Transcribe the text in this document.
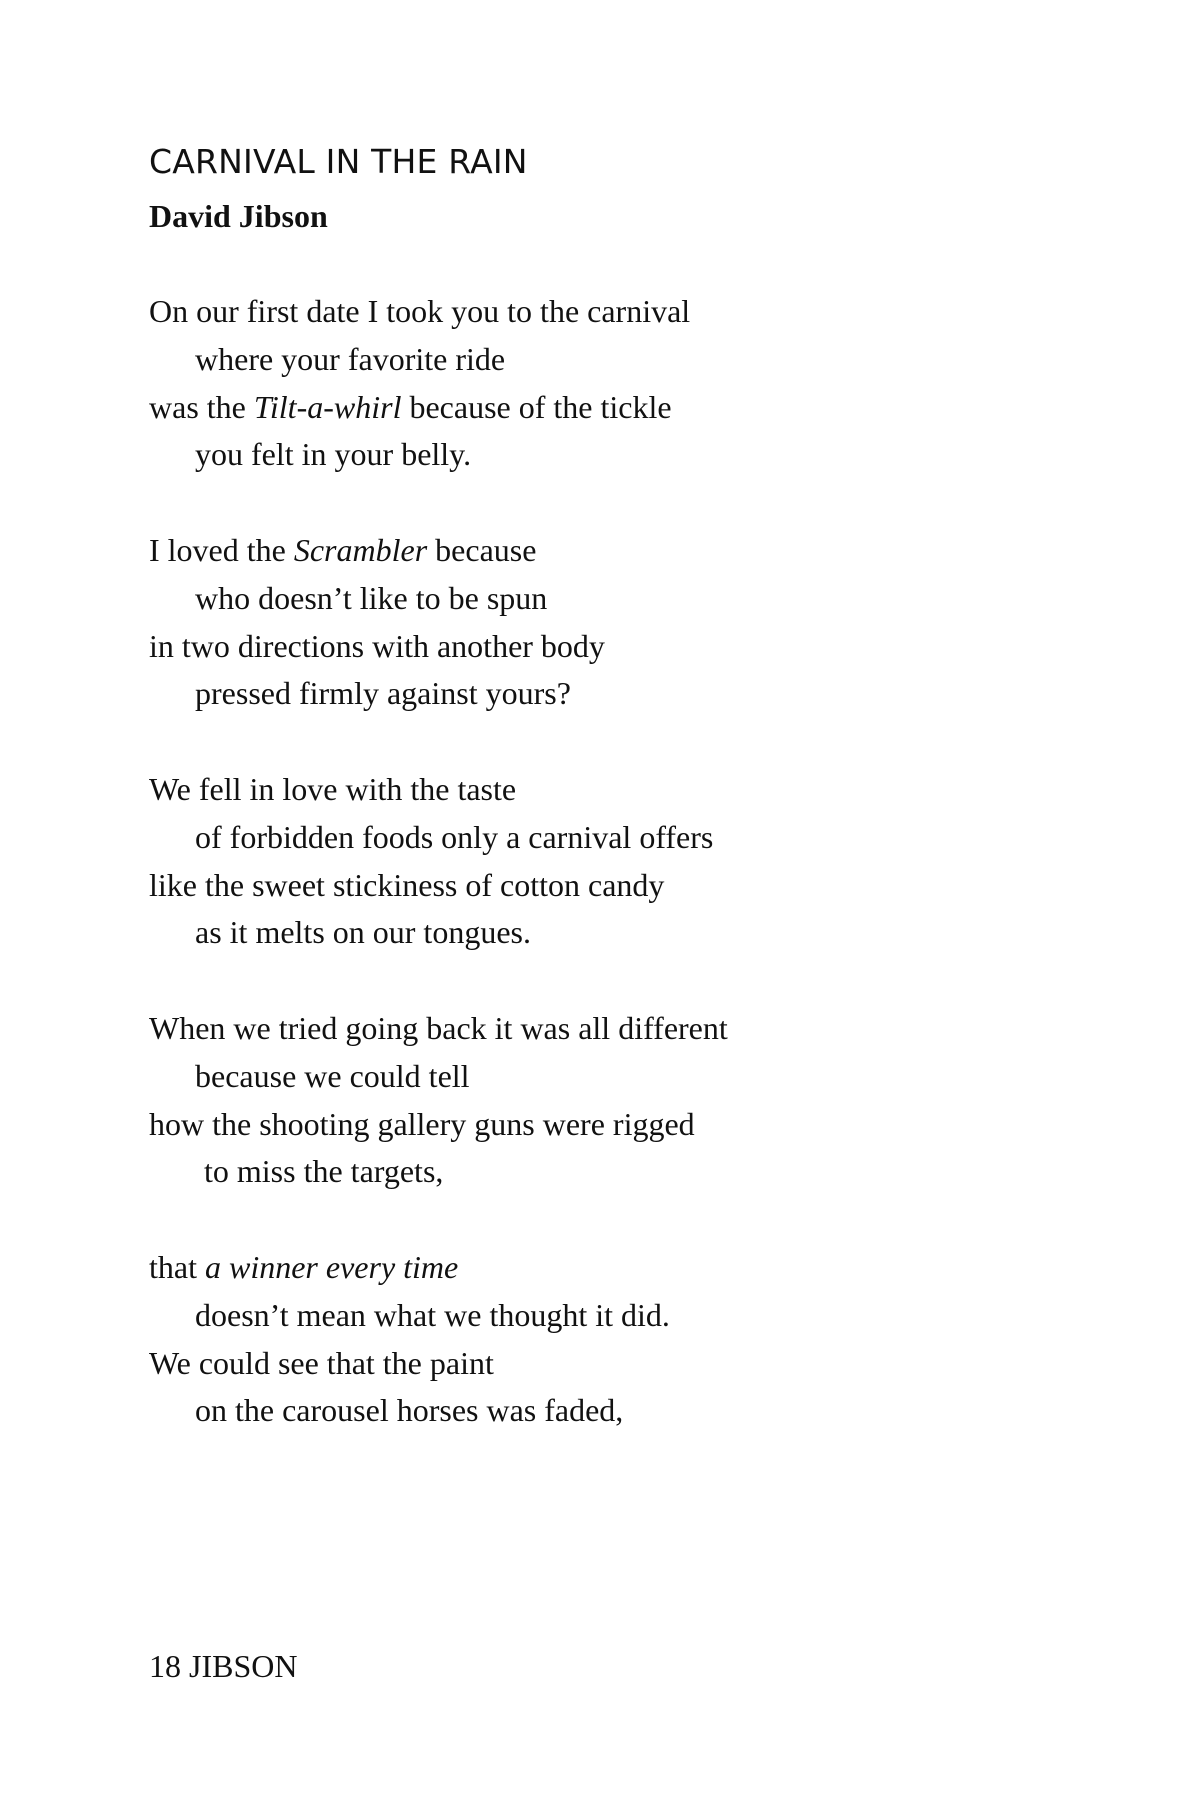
CARNIVAL IN THE RAIN
David Jibson
On our first date I took you to the carnival
where your favorite ride
was the Tilt-a-whirl because of the tickle
you felt in your belly.
I loved the Scrambler because
who doesn’t like to be spun
in two directions with another body
pressed firmly against yours?
We fell in love with the taste
of forbidden foods only a carnival offers
like the sweet stickiness of cotton candy
as it melts on our tongues.
When we tried going back it was all different
because we could tell
how the shooting gallery guns were rigged
to miss the targets,
that a winner every time
doesn’t mean what we thought it did.
We could see that the paint
on the carousel horses was faded,
18 JIBSON
